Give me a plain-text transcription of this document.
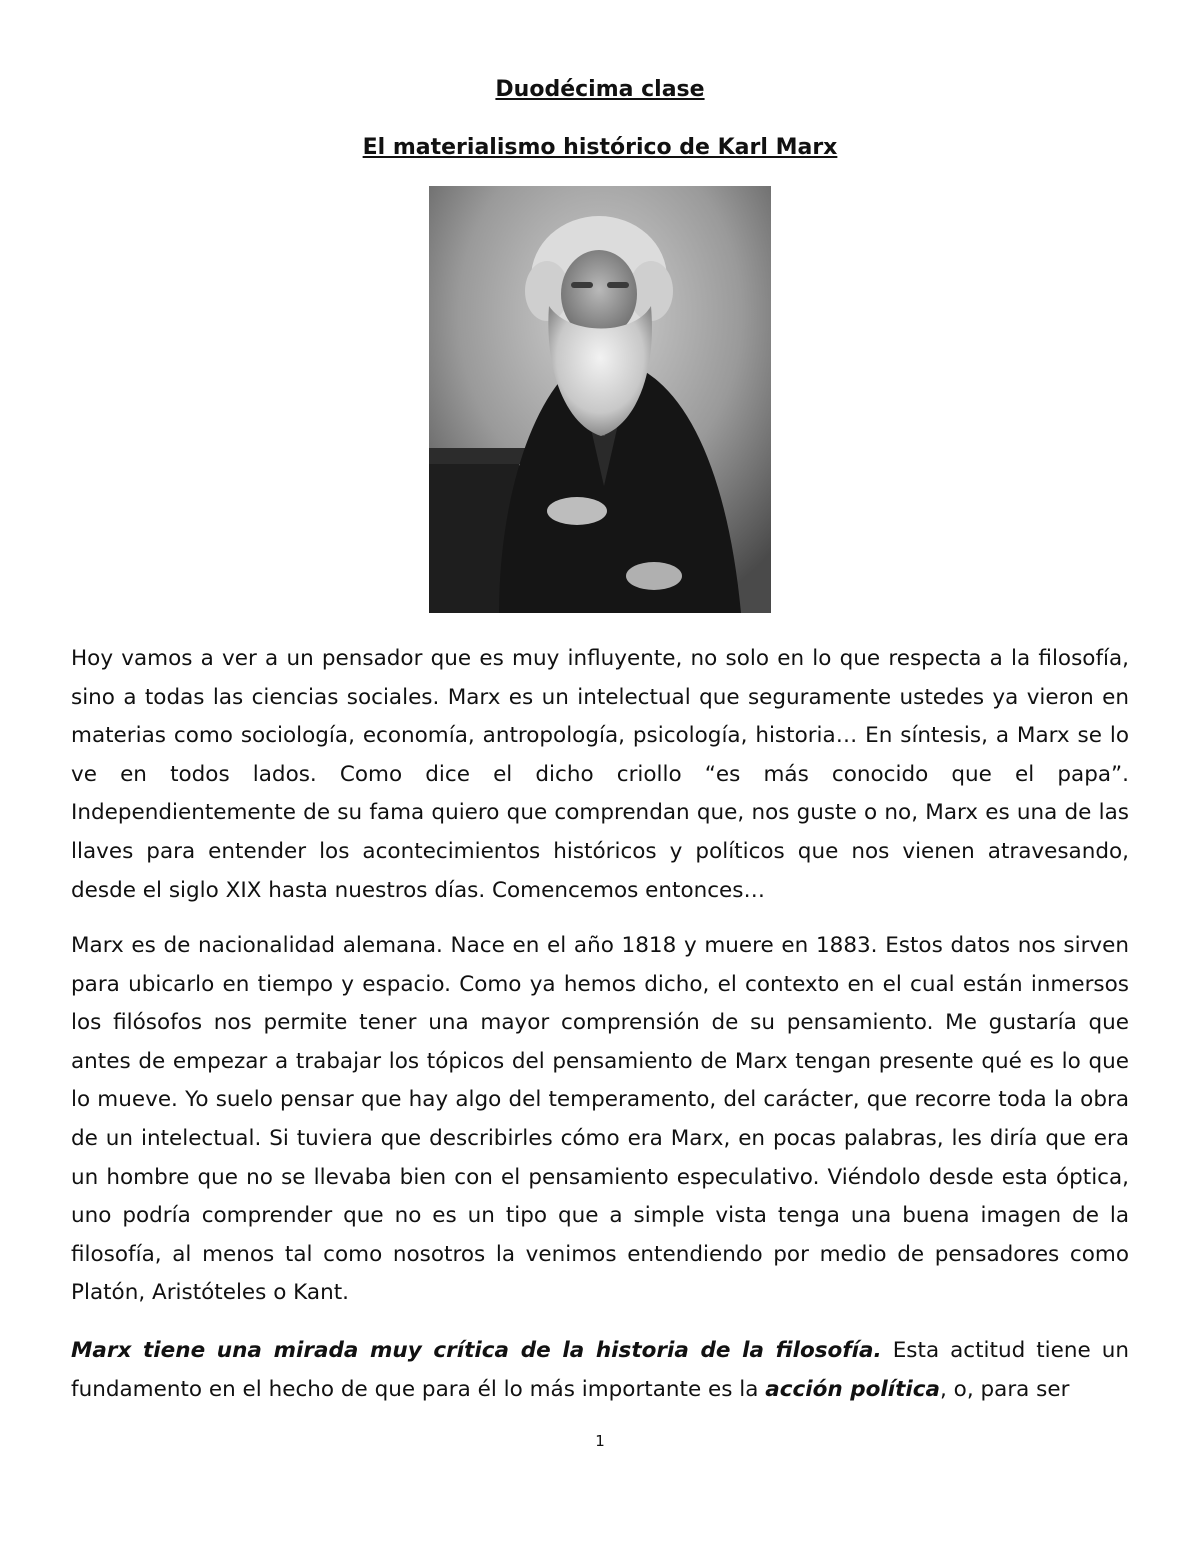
Duodécima clase
El materialismo histórico de Karl Marx

Hoy vamos a ver a un pensador que es muy influyente, no solo en lo que respecta a la filosofía, sino a todas las ciencias sociales. Marx es un intelectual que seguramente ustedes ya vieron en materias como sociología, economía, antropología, psicología, historia… En síntesis, a Marx se lo ve en todos lados. Como dice el dicho criollo “es más conocido que el papa”. Independientemente de su fama quiero que comprendan que, nos guste o no, Marx es una de las llaves para entender los acontecimientos históricos y políticos que nos vienen atravesando, desde el siglo XIX hasta nuestros días. Comencemos entonces…

Marx es de nacionalidad alemana. Nace en el año 1818 y muere en 1883. Estos datos nos sirven para ubicarlo en tiempo y espacio. Como ya hemos dicho, el contexto en el cual están inmersos los filósofos nos permite tener una mayor comprensión de su pensamiento. Me gustaría que antes de empezar a trabajar los tópicos del pensamiento de Marx tengan presente qué es lo que lo mueve. Yo suelo pensar que hay algo del temperamento, del carácter, que recorre toda la obra de un intelectual. Si tuviera que describirles cómo era Marx, en pocas palabras, les diría que era un hombre que no se llevaba bien con el pensamiento especulativo. Viéndolo desde esta óptica, uno podría comprender que no es un tipo que a simple vista tenga una buena imagen de la filosofía, al menos tal como nosotros la venimos entendiendo por medio de pensadores como Platón, Aristóteles o Kant.

Marx tiene una mirada muy crítica de la historia de la filosofía. Esta actitud tiene un fundamento en el hecho de que para él lo más importante es la acción política, o, para ser

1
